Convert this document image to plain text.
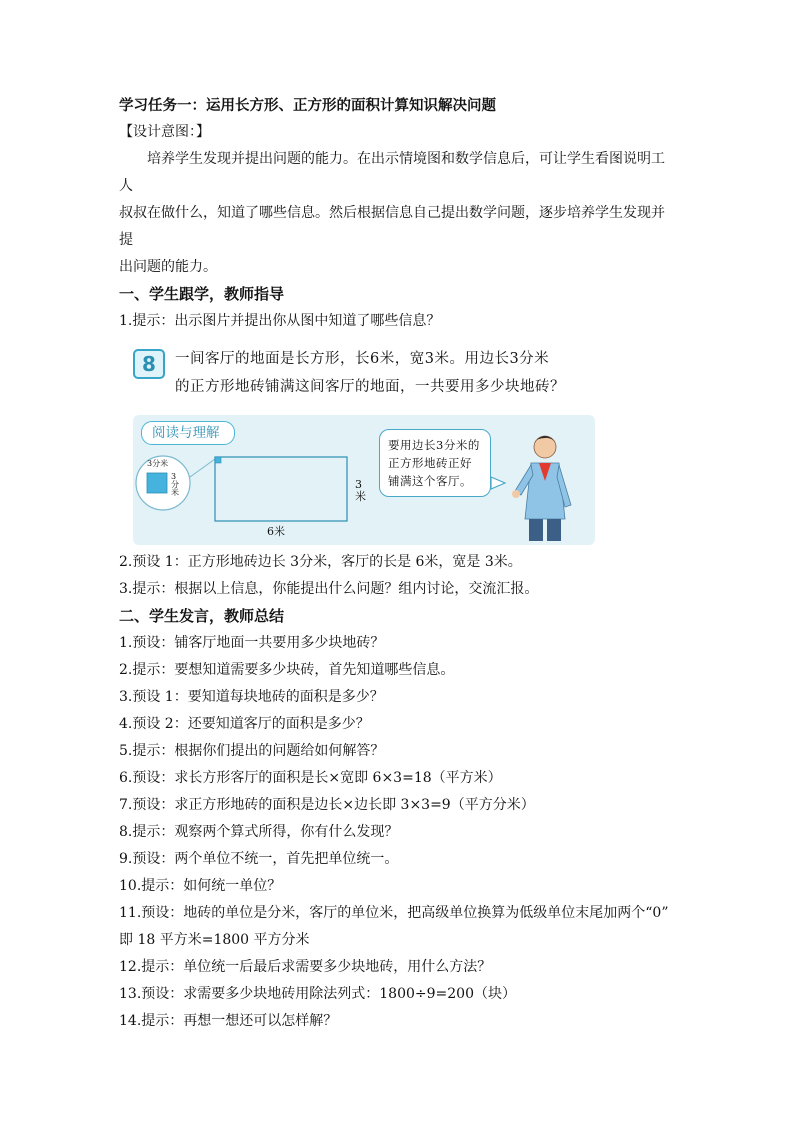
学习任务一：运用长方形、正方形的面积计算知识解决问题
【设计意图：】
培养学生发现并提出问题的能力。在出示情境图和数学信息后，可让学生看图说明工人
叔叔在做什么，知道了哪些信息。然后根据信息自己提出数学问题，逐步培养学生发现并提
出问题的能力。
一、学生跟学，教师指导
1.提示：出示图片并提出你从图中知道了哪些信息？
8	一间客厅的地面是长方形，长6米，宽3米。用边长3分米
的正方形地砖铺满这间客厅的地面，一共要用多少块地砖？
阅读与理解
3分米
3分米
6米
3米
要用边长3分米的正方形地砖正好铺满这个客厅。
2.预设 1：正方形地砖边长 3分米，客厅的长是 6米，宽是 3米。
3.提示：根据以上信息，你能提出什么问题？组内讨论，交流汇报。
二、学生发言，教师总结
1.预设：铺客厅地面一共要用多少块地砖？
2.提示：要想知道需要多少块砖，首先知道哪些信息。
3.预设 1：要知道每块地砖的面积是多少？
4.预设 2：还要知道客厅的面积是多少？
5.提示：根据你们提出的问题给如何解答？
6.预设：求长方形客厅的面积是长×宽即 6×3=18（平方米）
7.预设：求正方形地砖的面积是边长×边长即 3×3=9（平方分米）
8.提示：观察两个算式所得，你有什么发现？
9.预设：两个单位不统一，首先把单位统一。
10.提示：如何统一单位？
11.预设：地砖的单位是分米，客厅的单位米，把高级单位换算为低级单位末尾加两个“0”
即 18 平方米=1800 平方分米
12.提示：单位统一后最后求需要多少块地砖，用什么方法？
13.预设：求需要多少块地砖用除法列式：1800÷9=200（块）
14.提示：再想一想还可以怎样解？
